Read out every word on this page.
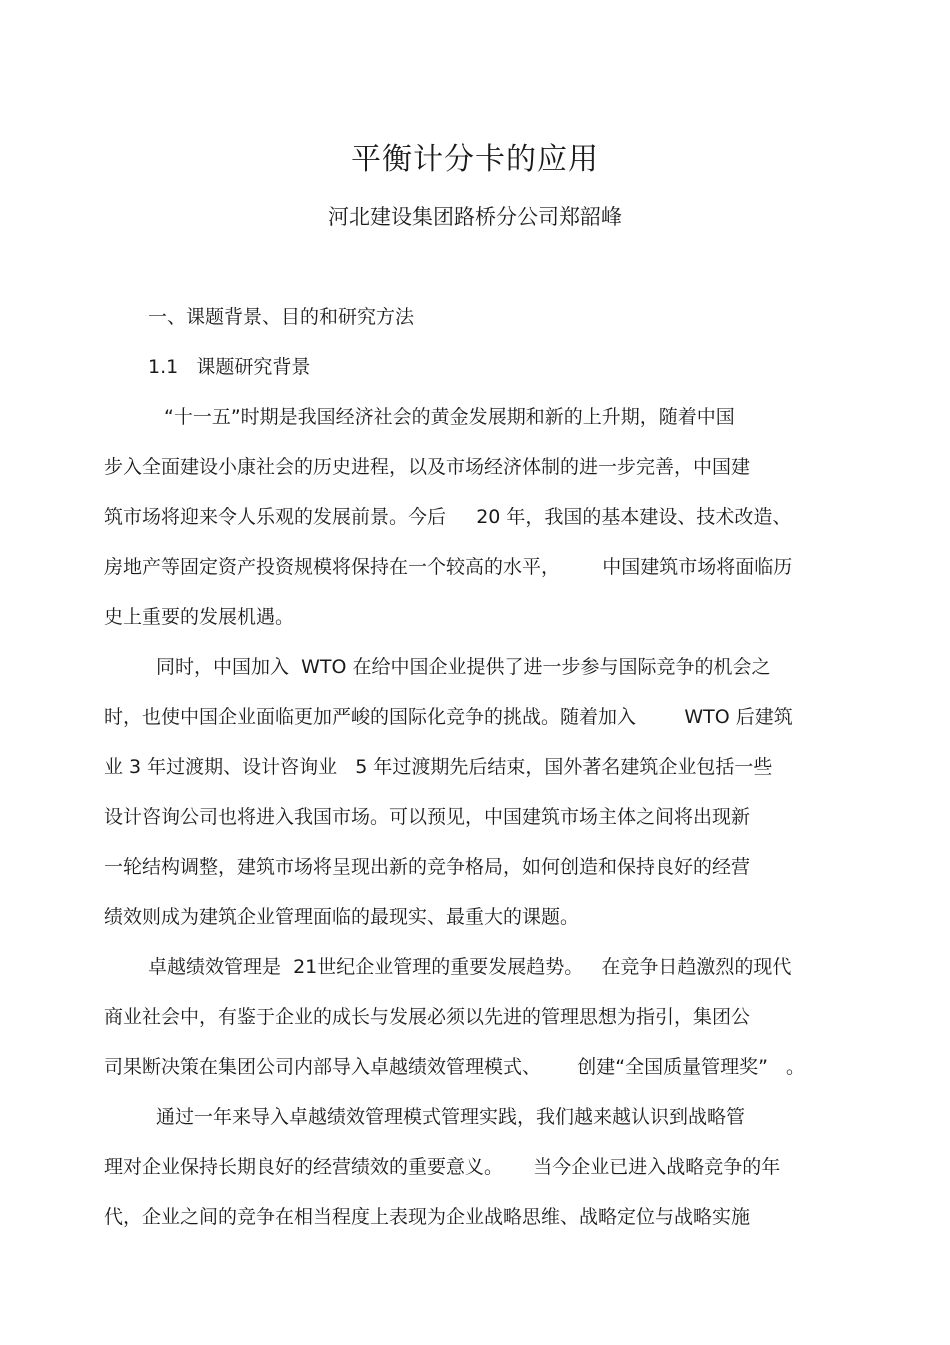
平衡计分卡的应用
河北建设集团路桥分公司郑韶峰
一、课题背景、目的和研究方法
1.1   课题研究背景
“十一五”时期是我国经济社会的黄金发展期和新的上升期，随着中国
步入全面建设小康社会的历史进程，以及市场经济体制的进一步完善，中国建
筑市场将迎来令人乐观的发展前景。今后     20 年，我国的基本建设、技术改造、
房地产等固定资产投资规模将保持在一个较高的水平，       中国建筑市场将面临历
史上重要的发展机遇。
同时，中国加入  WTO 在给中国企业提供了进一步参与国际竞争的机会之
时，也使中国企业面临更加严峻的国际化竞争的挑战。随着加入        WTO 后建筑
业 3 年过渡期、设计咨询业   5 年过渡期先后结束，国外著名建筑企业包括一些
设计咨询公司也将进入我国市场。可以预见，中国建筑市场主体之间将出现新
一轮结构调整，建筑市场将呈现出新的竞争格局，如何创造和保持良好的经营
绩效则成为建筑企业管理面临的最现实、最重大的课题。
卓越绩效管理是  21世纪企业管理的重要发展趋势。   在竞争日趋激烈的现代
商业社会中，有鉴于企业的成长与发展必须以先进的管理思想为指引，集团公
司果断决策在集团公司内部导入卓越绩效管理模式、      创建“全国质量管理奖”   。
通过一年来导入卓越绩效管理模式管理实践，我们越来越认识到战略管
理对企业保持长期良好的经营绩效的重要意义。     当今企业已进入战略竞争的年
代，企业之间的竞争在相当程度上表现为企业战略思维、战略定位与战略实施
